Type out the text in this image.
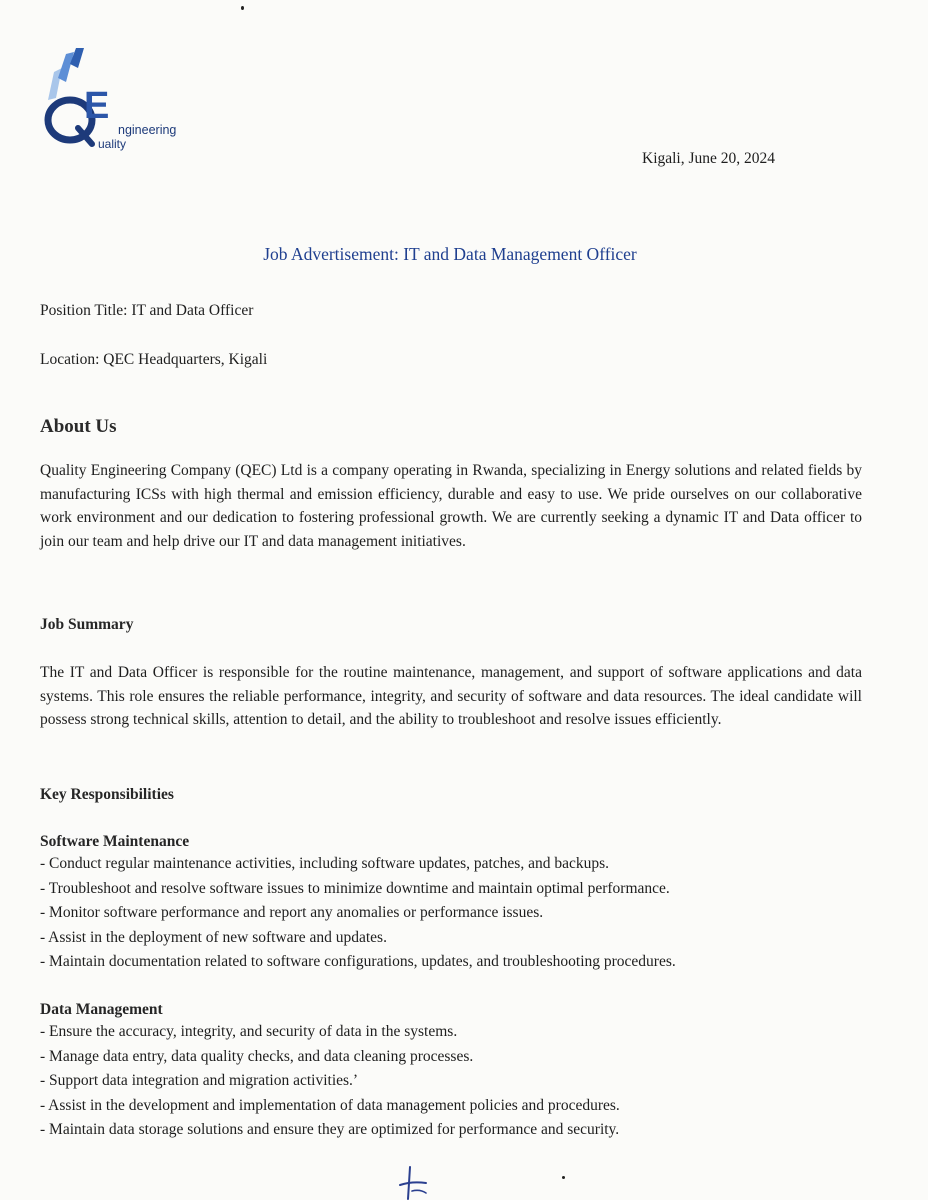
E
ngineering
uality
Kigali, June 20, 2024
Job Advertisement: IT and Data Management Officer
Position Title: IT and Data Officer
Location: QEC Headquarters, Kigali
About Us
Quality Engineering Company (QEC) Ltd is a company operating in Rwanda, specializing in Energy solutions and related fields by manufacturing ICSs with high thermal and emission efficiency, durable and easy to use. We pride ourselves on our collaborative work environment and our dedication to fostering professional growth. We are currently seeking a dynamic IT and Data officer to join our team and help drive our IT and data management initiatives.
Job Summary
The IT and Data Officer is responsible for the routine maintenance, management, and support of software applications and data systems. This role ensures the reliable performance, integrity, and security of software and data resources. The ideal candidate will possess strong technical skills, attention to detail, and the ability to troubleshoot and resolve issues efficiently.
Key Responsibilities
Software Maintenance
- Conduct regular maintenance activities, including software updates, patches, and backups.
- Troubleshoot and resolve software issues to minimize downtime and maintain optimal performance.
- Monitor software performance and report any anomalies or performance issues.
- Assist in the deployment of new software and updates.
- Maintain documentation related to software configurations, updates, and troubleshooting procedures.
Data Management
- Ensure the accuracy, integrity, and security of data in the systems.
- Manage data entry, data quality checks, and data cleaning processes.
- Support data integration and migration activities.’
- Assist in the development and implementation of data management policies and procedures.
- Maintain data storage solutions and ensure they are optimized for performance and security.
